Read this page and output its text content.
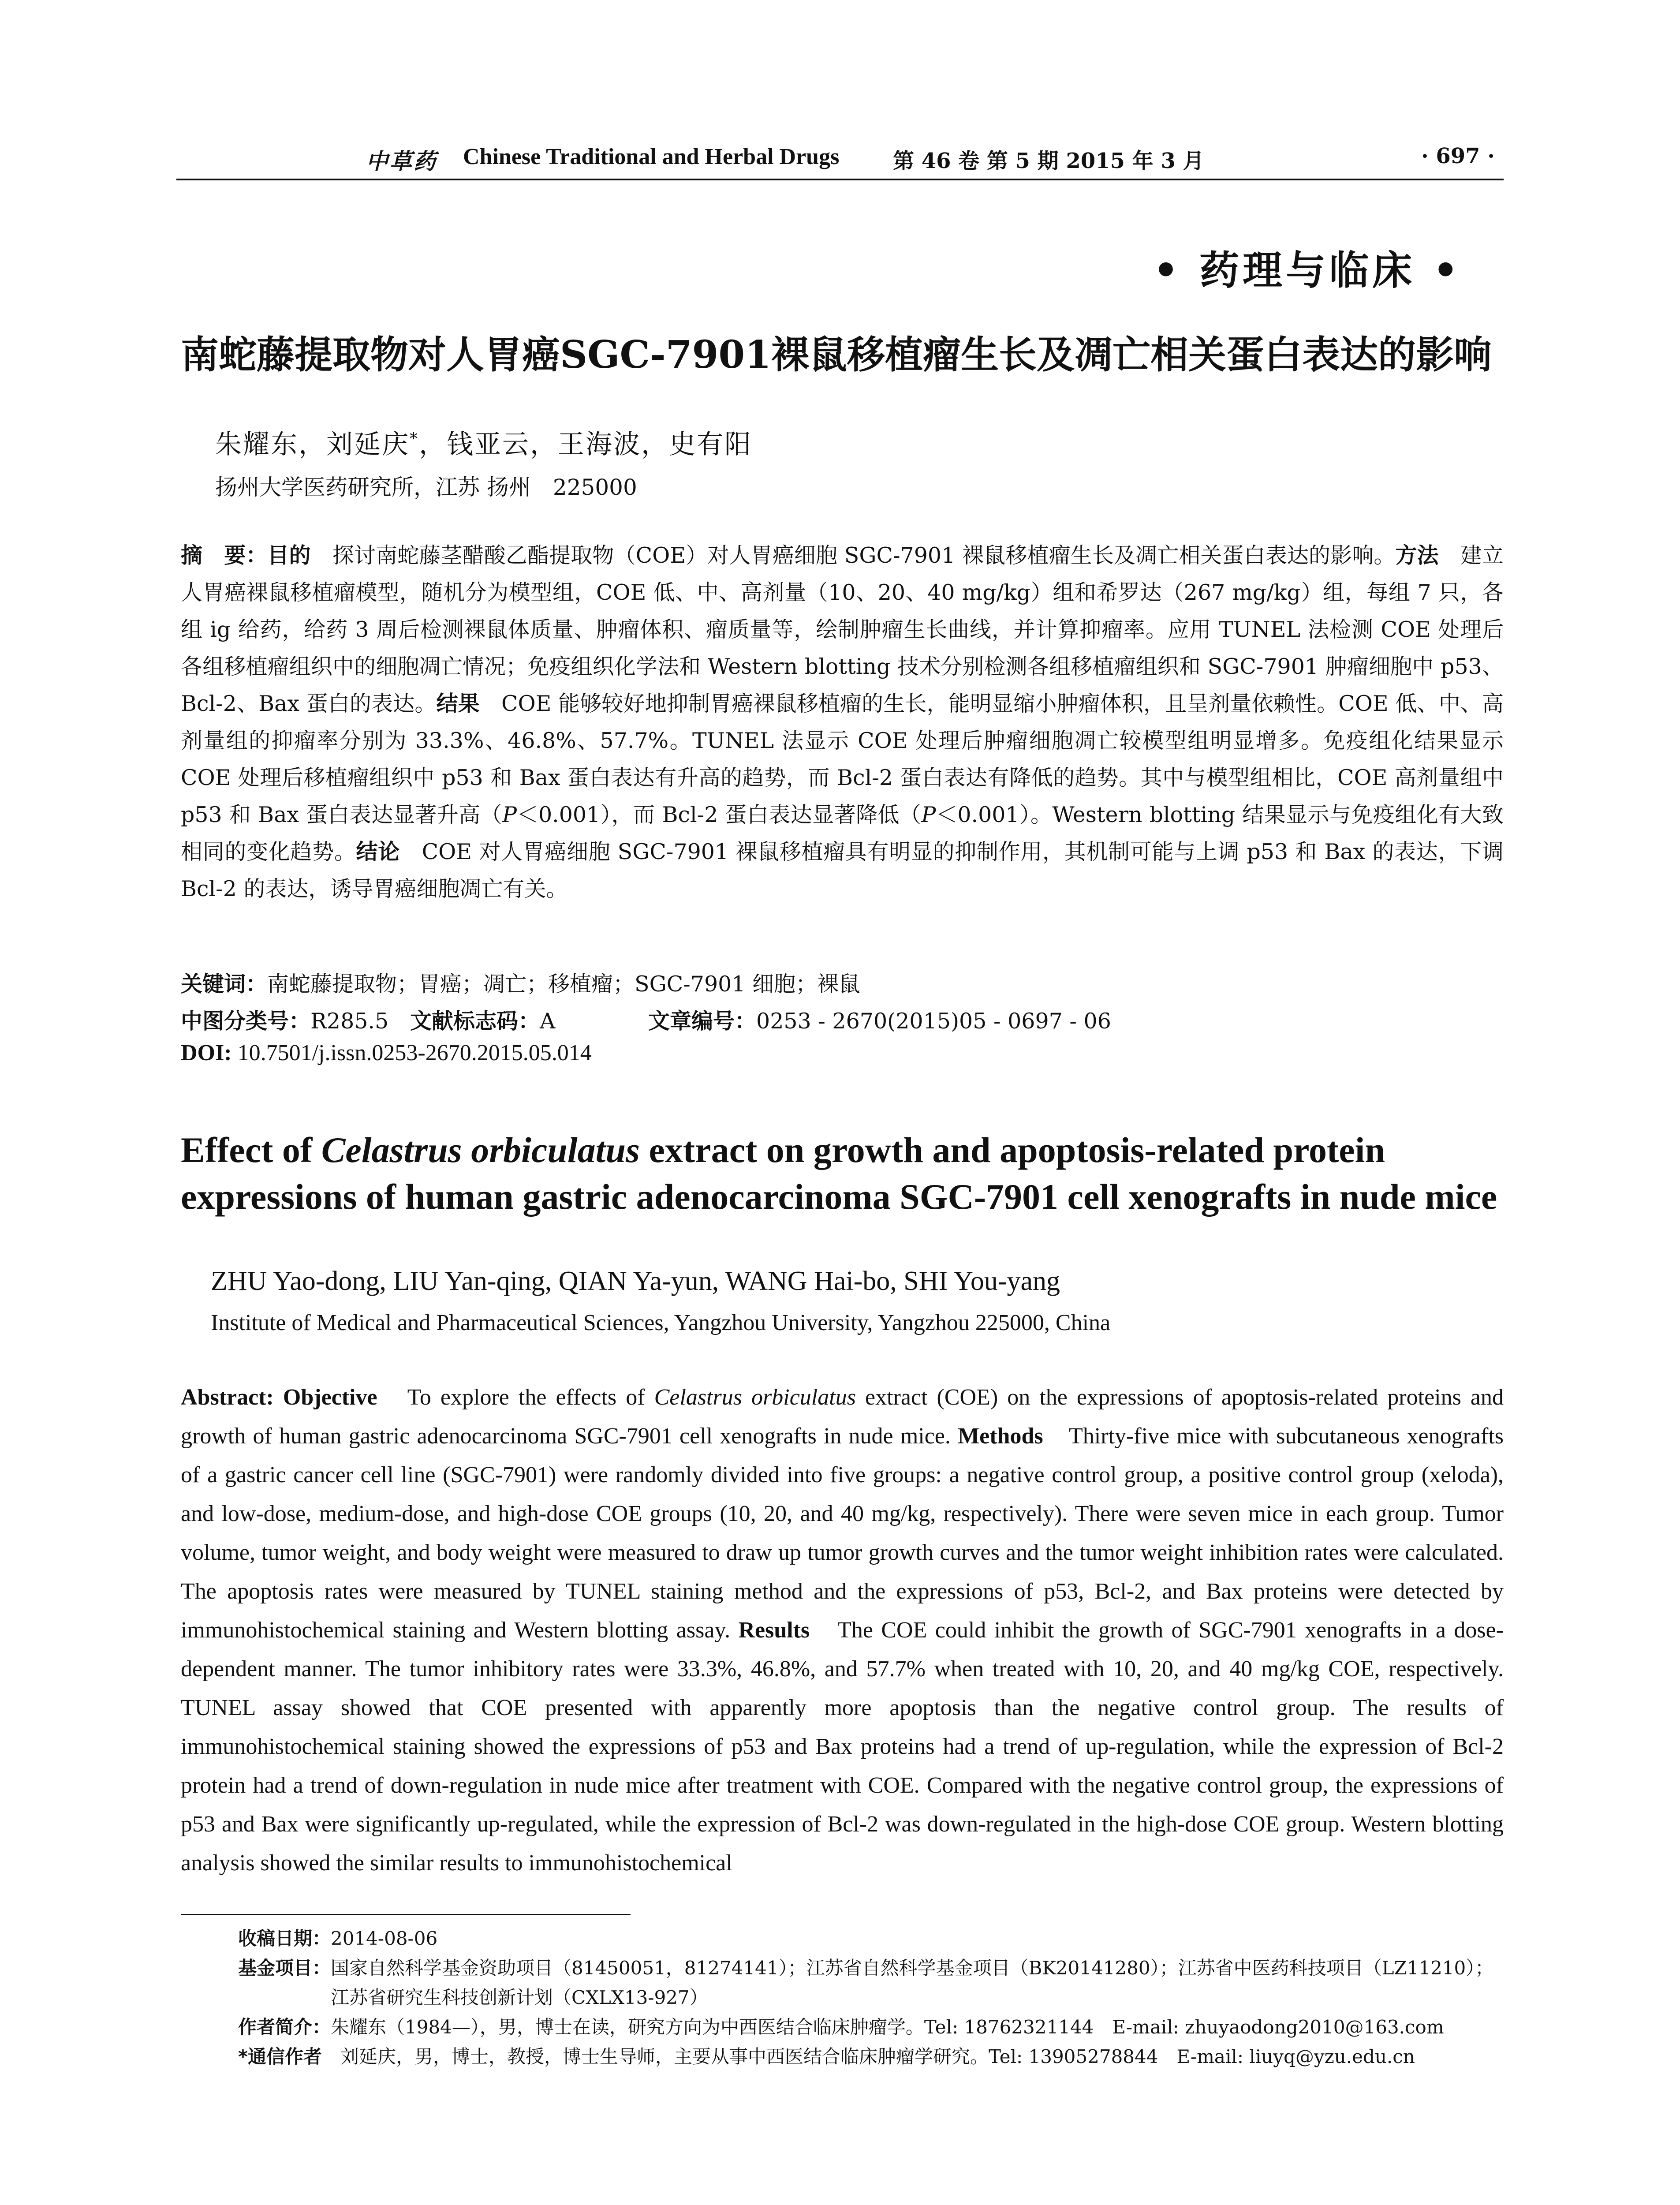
中草药 Chinese Traditional and Herbal Drugs	第 46 卷 第 5 期 2015 年 3 月	· 697 ·
• 药理与临床 •
南蛇藤提取物对人胃癌SGC-7901裸鼠移植瘤生长及凋亡相关蛋白表达的影响
朱耀东，刘延庆*，钱亚云，王海波，史有阳
扬州大学医药研究所，江苏 扬州　225000
摘　要：目的　探讨南蛇藤茎醋酸乙酯提取物（COE）对人胃癌细胞 SGC-7901 裸鼠移植瘤生长及凋亡相关蛋白表达的影响。方法　建立人胃癌裸鼠移植瘤模型，随机分为模型组，COE 低、中、高剂量（10、20、40 mg/kg）组和希罗达（267 mg/kg）组，每组 7 只，各组 ig 给药，给药 3 周后检测裸鼠体质量、肿瘤体积、瘤质量等，绘制肿瘤生长曲线，并计算抑瘤率。应用 TUNEL 法检测 COE 处理后各组移植瘤组织中的细胞凋亡情况；免疫组织化学法和 Western blotting 技术分别检测各组移植瘤组织和 SGC-7901 肿瘤细胞中 p53、Bcl-2、Bax 蛋白的表达。结果　COE 能够较好地抑制胃癌裸鼠移植瘤的生长，能明显缩小肿瘤体积，且呈剂量依赖性。COE 低、中、高剂量组的抑瘤率分别为 33.3%、46.8%、57.7%。TUNEL 法显示 COE 处理后肿瘤细胞凋亡较模型组明显增多。免疫组化结果显示 COE 处理后移植瘤组织中 p53 和 Bax 蛋白表达有升高的趋势，而 Bcl-2 蛋白表达有降低的趋势。其中与模型组相比，COE 高剂量组中 p53 和 Bax 蛋白表达显著升高（P＜0.001），而 Bcl-2 蛋白表达显著降低（P＜0.001）。Western blotting 结果显示与免疫组化有大致相同的变化趋势。结论　COE 对人胃癌细胞 SGC-7901 裸鼠移植瘤具有明显的抑制作用，其机制可能与上调 p53 和 Bax 的表达，下调 Bcl-2 的表达，诱导胃癌细胞凋亡有关。
关键词：南蛇藤提取物；胃癌；凋亡；移植瘤；SGC-7901 细胞；裸鼠
中图分类号：R285.5 文献标志码：A	文章编号：0253 - 2670(2015)05 - 0697 - 06
DOI: 10.7501/j.issn.0253-2670.2015.05.014
Effect of Celastrus orbiculatus extract on growth and apoptosis-related protein expressions of human gastric adenocarcinoma SGC-7901 cell xenografts in nude mice
ZHU Yao-dong, LIU Yan-qing, QIAN Ya-yun, WANG Hai-bo, SHI You-yang
Institute of Medical and Pharmaceutical Sciences, Yangzhou University, Yangzhou 225000, China
Abstract: Objective　To explore the effects of Celastrus orbiculatus extract (COE) on the expressions of apoptosis-related proteins and growth of human gastric adenocarcinoma SGC-7901 cell xenografts in nude mice. Methods　Thirty-five mice with subcutaneous xenografts of a gastric cancer cell line (SGC-7901) were randomly divided into five groups: a negative control group, a positive control group (xeloda), and low-dose, medium-dose, and high-dose COE groups (10, 20, and 40 mg/kg, respectively). There were seven mice in each group. Tumor volume, tumor weight, and body weight were measured to draw up tumor growth curves and the tumor weight inhibition rates were calculated. The apoptosis rates were measured by TUNEL staining method and the expressions of p53, Bcl-2, and Bax proteins were detected by immunohistochemical staining and Western blotting assay. Results　The COE could inhibit the growth of SGC-7901 xenografts in a dose-dependent manner. The tumor inhibitory rates were 33.3%, 46.8%, and 57.7% when treated with 10, 20, and 40 mg/kg COE, respectively. TUNEL assay showed that COE presented with apparently more apoptosis than the negative control group. The results of immunohistochemical staining showed the expressions of p53 and Bax proteins had a trend of up-regulation, while the expression of Bcl-2 protein had a trend of down-regulation in nude mice after treatment with COE. Compared with the negative control group, the expressions of p53 and Bax were significantly up-regulated, while the expression of Bcl-2 was down-regulated in the high-dose COE group. Western blotting analysis showed the similar results to immunohistochemical
收稿日期： 2014-08-06
基金项目： 国家自然科学基金资助项目（81450051，81274141）；江苏省自然科学基金项目（BK20141280）；江苏省中医药科技项目（LZ11210）；江苏省研究生科技创新计划（CXLX13-927）
作者简介： 朱耀东（1984—），男，博士在读，研究方向为中西医结合临床肿瘤学。Tel: 18762321144　E-mail: zhuyaodong2010@163.com
*通信作者 　刘延庆，男，博士，教授，博士生导师，主要从事中西医结合临床肿瘤学研究。Tel: 13905278844　E-mail: liuyq@yzu.edu.cn
